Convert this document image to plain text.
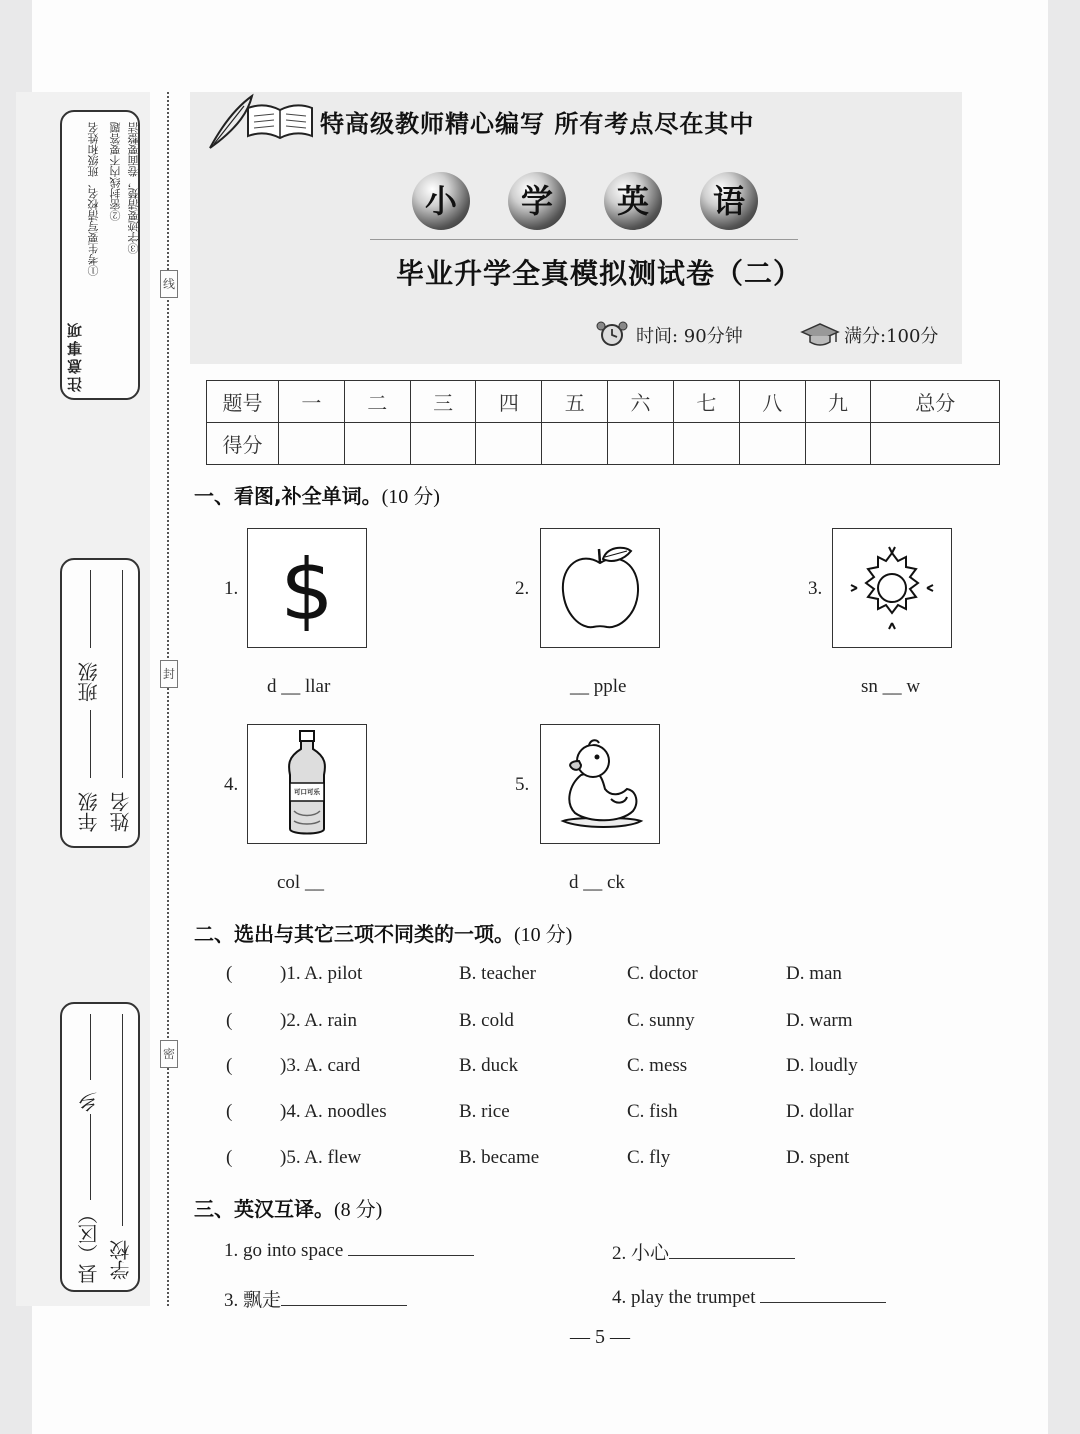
线
封
密
注意事项
①考生要写清校名、班级和姓名 ②密封线内不要答题 ③字迹要清楚，卷面要整洁
年级
班级
姓名
县（区）
乡
学校
特高级教师精心编写 所有考点尽在其中
小	学	英	语
毕业升学全真模拟测试卷（二）
时间: 90分钟	满分:100分
题号	一	二	三	四	五	六	七	八	九	总分
得分										
一、看图,补全单词。(10 分)
1. $
d __ llar
2.
__ pple
3.
sn __ w
4.	可口可乐
col __
5.
d __ ck
二、选出与其它三项不同类的一项。(10 分)
(	)1. A. pilot	B. teacher	C. doctor	D. man
(	)2. A. rain	B. cold	C. sunny	D. warm
(	)3. A. card	B. duck	C. mess	D. loudly
(	)4. A. noodles	B. rice	C. fish	D. dollar
(	)5. A. flew	B. became	C. fly	D. spent
三、英汉互译。(8 分)
1. go into space	2. 小心
3. 飘走	4. play the trumpet
— 5 —
